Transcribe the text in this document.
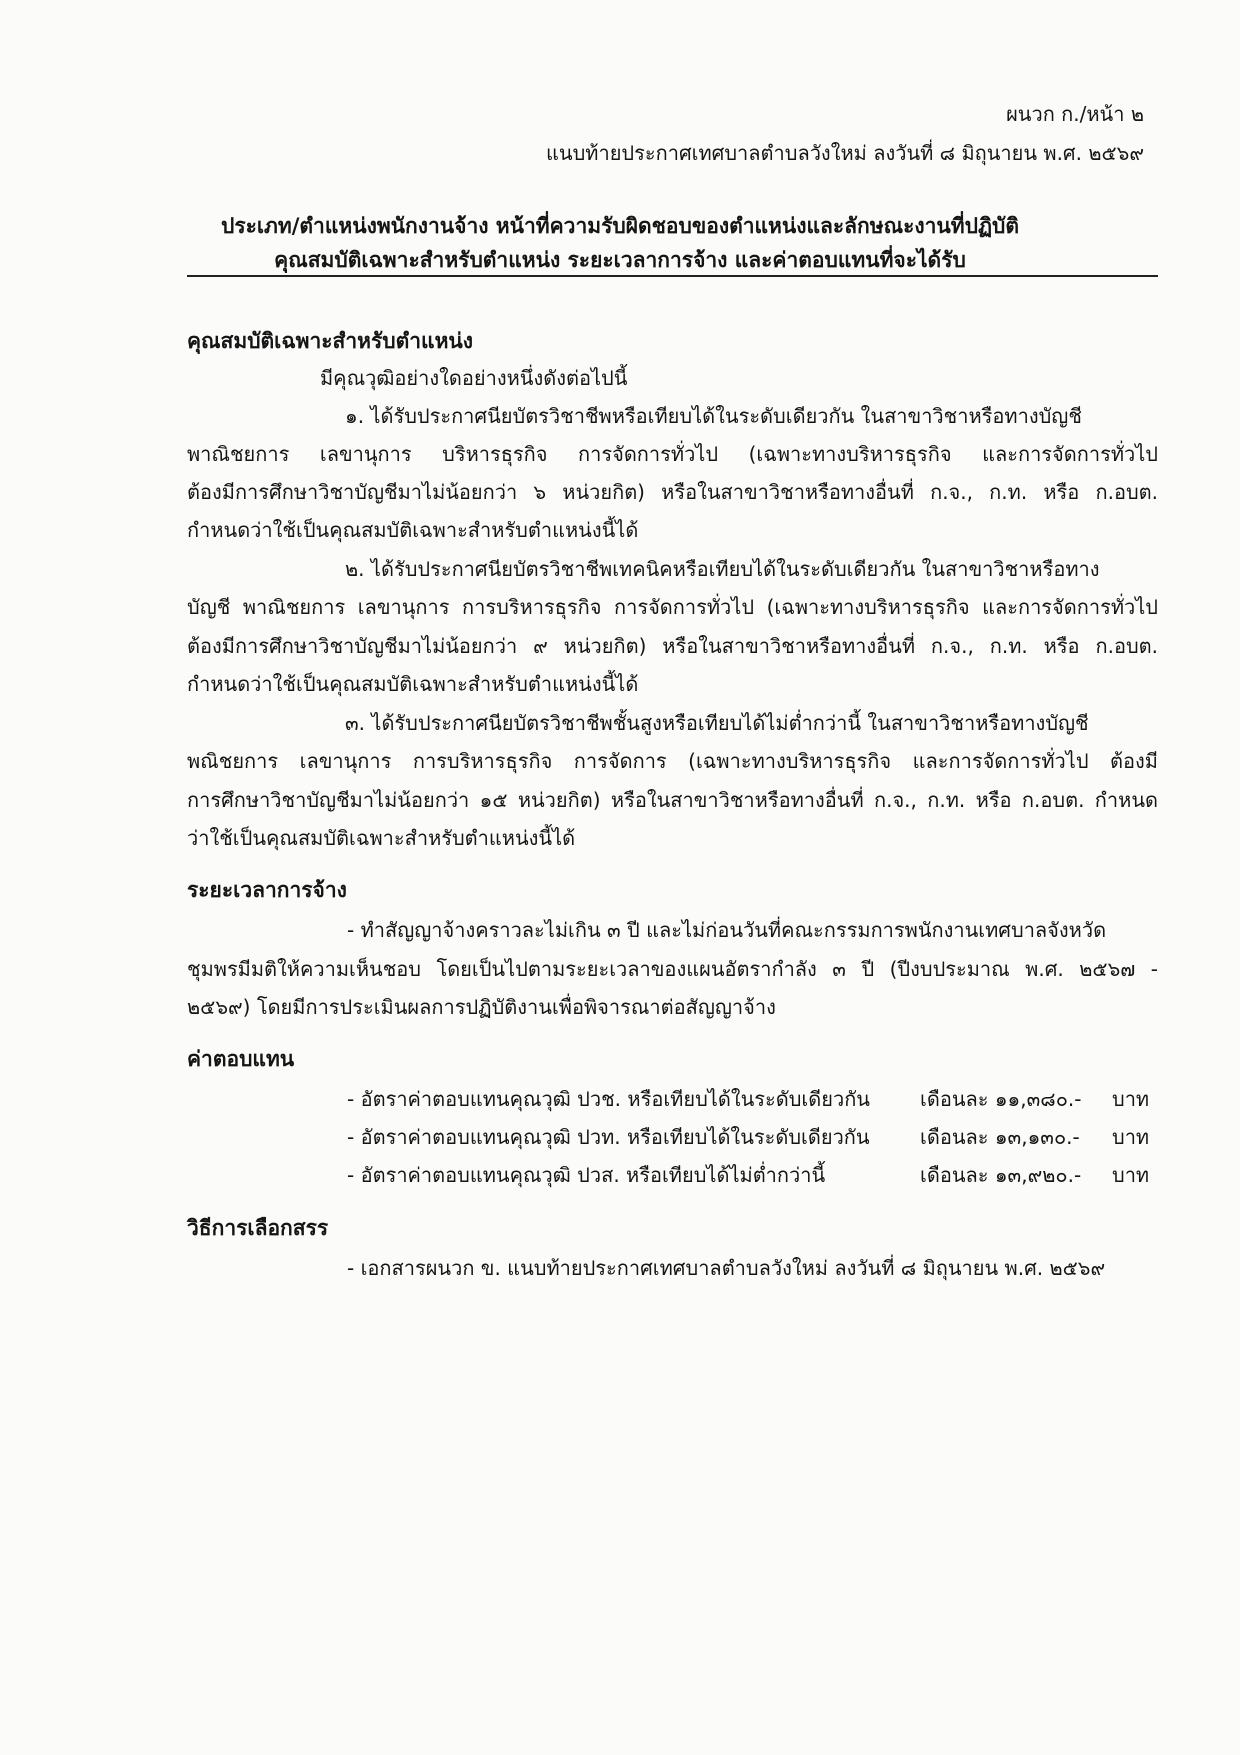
ผนวก ก./หน้า ๒
แนบท้ายประกาศเทศบาลตำบลวังใหม่ ลงวันที่ ๘ มิถุนายน พ.ศ. ๒๕๖๙
ประเภท/ตำแหน่งพนักงานจ้าง หน้าที่ความรับผิดชอบของตำแหน่งและลักษณะงานที่ปฏิบัติ
คุณสมบัติเฉพาะสำหรับตำแหน่ง ระยะเวลาการจ้าง และค่าตอบแทนที่จะได้รับ
คุณสมบัติเฉพาะสำหรับตำแหน่ง
มีคุณวุฒิอย่างใดอย่างหนึ่งดังต่อไปนี้
๑. ได้รับประกาศนียบัตรวิชาชีพหรือเทียบได้ในระดับเดียวกัน ในสาขาวิชาหรือทางบัญชี
พาณิชยการ เลขานุการ บริหารธุรกิจ การจัดการทั่วไป (เฉพาะทางบริหารธุรกิจ และการจัดการทั่วไป
ต้องมีการศึกษาวิชาบัญชีมาไม่น้อยกว่า ๖ หน่วยกิต) หรือในสาขาวิชาหรือทางอื่นที่ ก.จ., ก.ท. หรือ ก.อบต.
กำหนดว่าใช้เป็นคุณสมบัติเฉพาะสำหรับตำแหน่งนี้ได้
๒. ได้รับประกาศนียบัตรวิชาชีพเทคนิคหรือเทียบได้ในระดับเดียวกัน ในสาขาวิชาหรือทาง
บัญชี พาณิชยการ เลขานุการ การบริหารธุรกิจ การจัดการทั่วไป (เฉพาะทางบริหารธุรกิจ และการจัดการทั่วไป
ต้องมีการศึกษาวิชาบัญชีมาไม่น้อยกว่า ๙ หน่วยกิต) หรือในสาขาวิชาหรือทางอื่นที่ ก.จ., ก.ท. หรือ ก.อบต.
กำหนดว่าใช้เป็นคุณสมบัติเฉพาะสำหรับตำแหน่งนี้ได้
๓. ได้รับประกาศนียบัตรวิชาชีพชั้นสูงหรือเทียบได้ไม่ต่ำกว่านี้ ในสาขาวิชาหรือทางบัญชี
พณิชยการ เลขานุการ การบริหารธุรกิจ การจัดการ (เฉพาะทางบริหารธุรกิจ และการจัดการทั่วไป ต้องมี
การศึกษาวิชาบัญชีมาไม่น้อยกว่า ๑๕ หน่วยกิต) หรือในสาขาวิชาหรือทางอื่นที่ ก.จ., ก.ท. หรือ ก.อบต. กำหนด
ว่าใช้เป็นคุณสมบัติเฉพาะสำหรับตำแหน่งนี้ได้
ระยะเวลาการจ้าง
- ทำสัญญาจ้างคราวละไม่เกิน ๓ ปี และไม่ก่อนวันที่คณะกรรมการพนักงานเทศบาลจังหวัด
ชุมพรมีมติให้ความเห็นชอบ โดยเป็นไปตามระยะเวลาของแผนอัตรากำลัง ๓ ปี (ปีงบประมาณ พ.ศ. ๒๕๖๗ -
๒๕๖๙) โดยมีการประเมินผลการปฏิบัติงานเพื่อพิจารณาต่อสัญญาจ้าง
ค่าตอบแทน
- อัตราค่าตอบแทนคุณวุฒิ ปวช. หรือเทียบได้ในระดับเดียวกัน	เดือนละ ๑๑,๓๘๐.- บาท
- อัตราค่าตอบแทนคุณวุฒิ ปวท. หรือเทียบได้ในระดับเดียวกัน	เดือนละ ๑๓,๑๓๐.- บาท
- อัตราค่าตอบแทนคุณวุฒิ ปวส. หรือเทียบได้ไม่ต่ำกว่านี้	เดือนละ ๑๓,๙๒๐.- บาท
วิธีการเลือกสรร
- เอกสารผนวก ข. แนบท้ายประกาศเทศบาลตำบลวังใหม่ ลงวันที่ ๘ มิถุนายน พ.ศ. ๒๕๖๙
